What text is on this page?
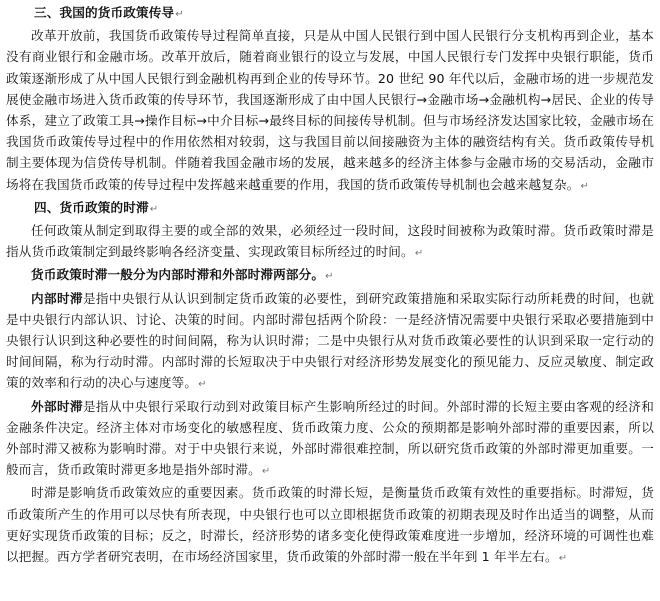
三、我国的货币政策传导↵

改革开放前，我国货币政策传导过程简单直接，只是从中国人民银行到中国人民银行分支机构再到企业，基本没有商业银行和金融市场。改革开放后，随着商业银行的设立与发展，中国人民银行专门发挥中央银行职能，货币政策逐渐形成了从中国人民银行到金融机构再到企业的传导环节。20 世纪 90 年代以后，金融市场的进一步规范发展使金融市场进入货币政策的传导环节，我国逐渐形成了由中国人民银行→金融市场→金融机构→居民、企业的传导体系，建立了政策工具→操作目标→中介目标→最终目标的间接传导机制。但与市场经济发达国家比较，金融市场在我国货币政策传导过程中的作用依然相对较弱，这与我国目前以间接融资为主体的融资结构有关。货币政策传导机制主要体现为信贷传导机制。伴随着我国金融市场的发展，越来越多的经济主体参与金融市场的交易活动，金融市场将在我国货币政策的传导过程中发挥越来越重要的作用，我国的货币政策传导机制也会越来越复杂。↵

四、货币政策的时滞↵

任何政策从制定到取得主要的或全部的效果，必须经过一段时间，这段时间被称为政策时滞。货币政策时滞是指从货币政策制定到最终影响各经济变量、实现政策目标所经过的时间。↵

货币政策时滞一般分为内部时滞和外部时滞两部分。↵

内部时滞是指中央银行从认识到制定货币政策的必要性，到研究政策措施和采取实际行动所耗费的时间，也就是中央银行内部认识、讨论、决策的时间。内部时滞包括两个阶段：一是经济情况需要中央银行采取必要措施到中央银行认识到这种必要性的时间间隔，称为认识时滞；二是中央银行从对货币政策必要性的认识到采取一定行动的时间间隔，称为行动时滞。内部时滞的长短取决于中央银行对经济形势发展变化的预见能力、反应灵敏度、制定政策的效率和行动的决心与速度等。↵

外部时滞是指从中央银行采取行动到对政策目标产生影响所经过的时间。外部时滞的长短主要由客观的经济和金融条件决定。经济主体对市场变化的敏感程度、货币政策力度、公众的预期都是影响外部时滞的重要因素，所以外部时滞又被称为影响时滞。对于中央银行来说，外部时滞很难控制，所以研究货币政策的外部时滞更加重要。一般而言，货币政策时滞更多地是指外部时滞。↵

时滞是影响货币政策效应的重要因素。货币政策的时滞长短，是衡量货币政策有效性的重要指标。时滞短，货币政策所产生的作用可以尽快有所表现，中央银行也可以立即根据货币政策的初期表现及时作出适当的调整，从而更好实现货币政策的目标；反之，时滞长，经济形势的诸多变化使得政策难度进一步增加，经济环境的可调性也难以把握。西方学者研究表明，在市场经济国家里，货币政策的外部时滞一般在半年到 1 年半左右。↵
